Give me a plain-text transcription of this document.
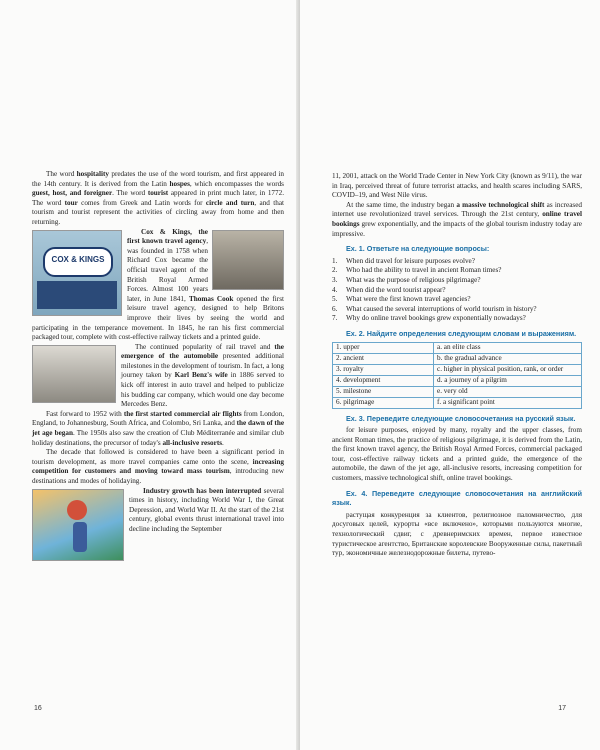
The word hospitality predates the use of the word tourism, and first appeared in the 14th century. It is derived from the Latin hospes, which encompasses the words guest, host, and foreigner. The word tourist appeared in print much later, in 1772. The word tour comes from Greek and Latin words for circle and turn, and that tourism and tourist represent the activities of circling away from home and then returning.

COX & KINGS

Cox & Kings, the first known travel agency, was founded in 1758 when Richard Cox became the official travel agent of the British Royal Armed Forces. Almost 100 years later, in June 1841, Thomas Cook opened the first leisure travel agency, designed to help Britons improve their lives by seeing the world and participating in the temperance movement. In 1845, he ran his first commercial packaged tour, complete with cost-effective railway tickets and a printed guide.

The continued popularity of rail travel and the emergence of the automobile presented additional milestones in the development of tourism. In fact, a long journey taken by Karl Benz's wife in 1886 served to kick off interest in auto travel and helped to publicize his budding car company, which would one day become Mercedes Benz.

Fast forward to 1952 with the first started commercial air flights from London, England, to Johannesburg, South Africa, and Colombo, Sri Lanka, and the dawn of the jet age began. The 1950s also saw the creation of Club Méditerranée and similar club holiday destinations, the precursor of today's all-inclusive resorts.

The decade that followed is considered to have been a significant period in tourism development, as more travel companies came onto the scene, increasing competition for customers and moving toward mass tourism, introducing new destinations and modes of holidaying.

Industry growth has been interrupted several times in history, including World War I, the Great Depression, and World War II. At the start of the 21st century, global events thrust international travel into decline including the September

16

11, 2001, attack on the World Trade Center in New York City (known as 9/11), the war in Iraq, perceived threat of future terrorist attacks, and health scares including SARS, COVID–19, and West Nile virus.

At the same time, the industry began a massive technological shift as increased internet use revolutionized travel services. Through the 21st century, online travel bookings grew exponentially, and the impacts of the global tourism industry today are impressive.

Ex. 1. Ответьте на следующие вопросы:
1.	When did travel for leisure purposes evolve?
2.	Who had the ability to travel in ancient Roman times?
3.	What was the purpose of religious pilgrimage?
4.	When did the word tourist appear?
5.	What were the first known travel agencies?
6.	What caused the several interruptions of world tourism in history?
7.	Why do online travel bookings grew exponentially nowadays?
Ex. 2. Найдите определения следующим словам и выражениям.
1. upper	a. an elite class
2. ancient	b. the gradual advance
3. royalty	c. higher in physical position, rank, or order
4. development	d. a journey of a pilgrim
5. milestone	e. very old
6. pilgrimage	f. a significant point
Ex. 3. Переведите следующие словосочетания на русский язык.

for leisure purposes, enjoyed by many, royalty and the upper classes, from ancient Roman times, the practice of religious pilgrimage, it is derived from the Latin, the first known travel agency, the British Royal Armed Forces, commercial packaged tour, cost-effective railway tickets and a printed guide, the emergence of the automobile, the dawn of the jet age, all-inclusive resorts, increasing competition for customers, massive technological shift, online travel bookings.

Ex. 4. Переведите следующие словосочетания на английский язык.

растущая конкуренция за клиентов, религиозное паломничество, для досуговых целей, курорты «все включено», которыми пользуются многие, технологический сдвиг, с древнеримских времен, первое известное туристическое агентство, Британские королевские Вооруженные силы, пакетный тур, экономичные железнодорожные билеты, путево-

17
